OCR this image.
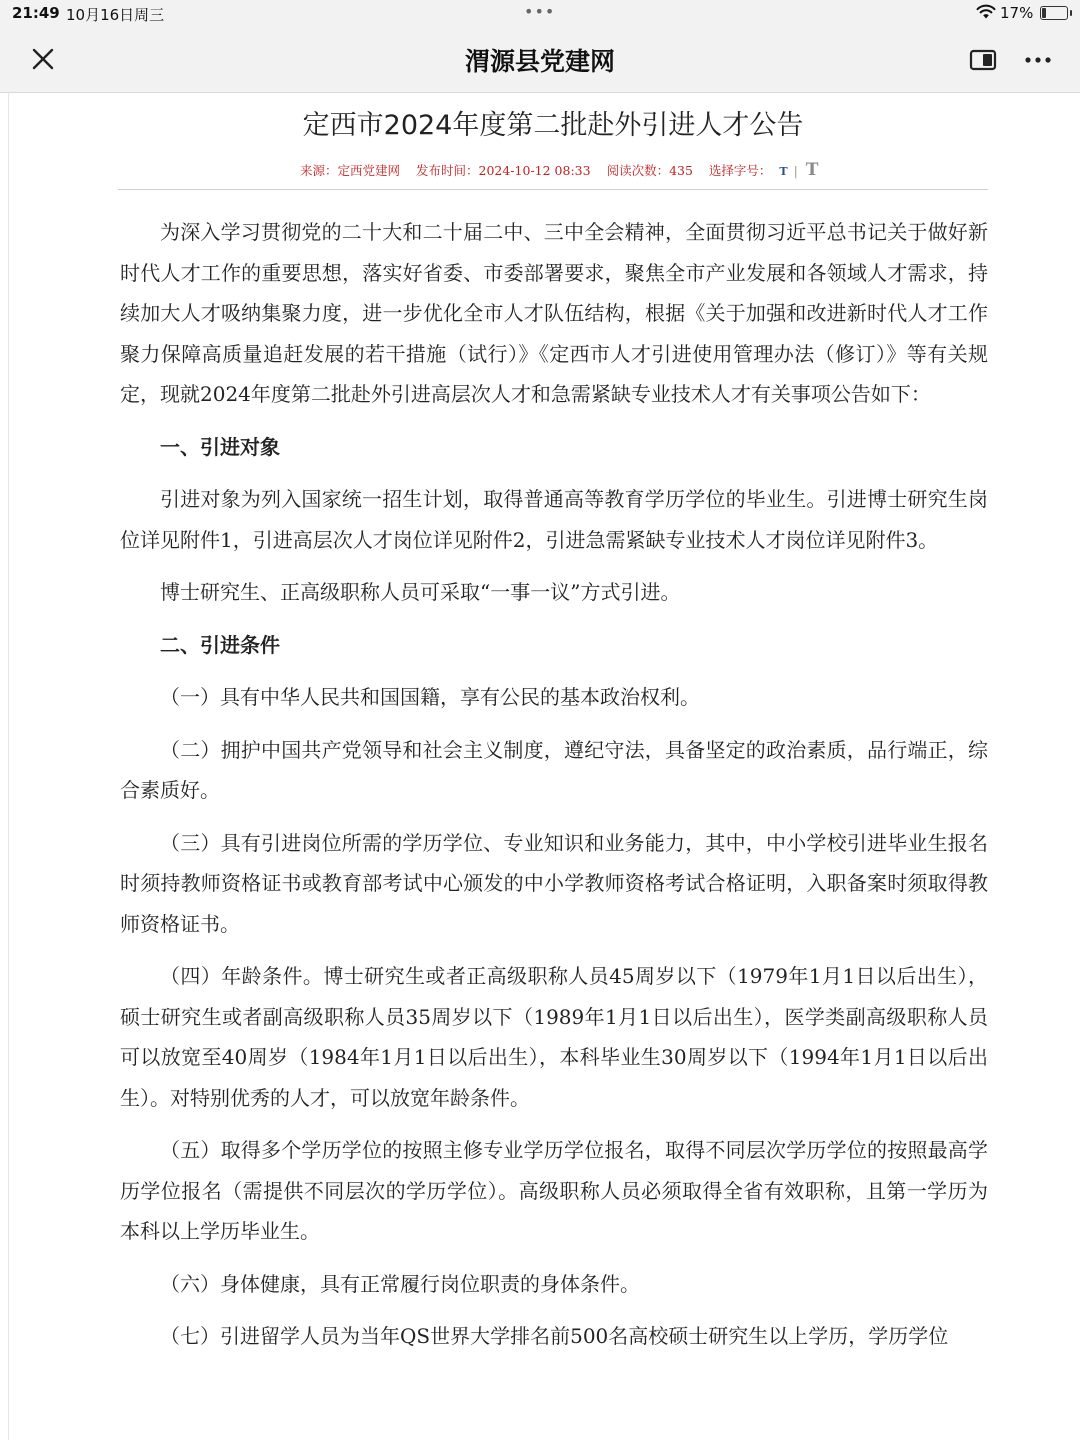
21:49 10月16日周三	•••	17%
渭源县党建网
定西市2024年度第二批赴外引进人才公告
来源：定西党建网 发布时间：2024-10-12 08:33 阅读次数：435 选择字号： T | T

为深入学习贯彻党的二十大和二十届二中、三中全会精神，全面贯彻习近平总书记关于做好新时代人才工作的重要思想，落实好省委、市委部署要求，聚焦全市产业发展和各领域人才需求，持续加大人才吸纳集聚力度，进一步优化全市人才队伍结构，根据《关于加强和改进新时代人才工作聚力保障高质量追赶发展的若干措施（试行）》《定西市人才引进使用管理办法（修订）》等有关规定，现就2024年度第二批赴外引进高层次人才和急需紧缺专业技术人才有关事项公告如下：

一、引进对象

引进对象为列入国家统一招生计划，取得普通高等教育学历学位的毕业生。引进博士研究生岗位详见附件1，引进高层次人才岗位详见附件2，引进急需紧缺专业技术人才岗位详见附件3。

博士研究生、正高级职称人员可采取“一事一议”方式引进。

二、引进条件

（一）具有中华人民共和国国籍，享有公民的基本政治权利。

（二）拥护中国共产党领导和社会主义制度，遵纪守法，具备坚定的政治素质，品行端正，综合素质好。

（三）具有引进岗位所需的学历学位、专业知识和业务能力，其中，中小学校引进毕业生报名时须持教师资格证书或教育部考试中心颁发的中小学教师资格考试合格证明，入职备案时须取得教师资格证书。

（四）年龄条件。博士研究生或者正高级职称人员45周岁以下（1979年1月1日以后出生），硕士研究生或者副高级职称人员35周岁以下（1989年1月1日以后出生），医学类副高级职称人员可以放宽至40周岁（1984年1月1日以后出生），本科毕业生30周岁以下（1994年1月1日以后出生）。对特别优秀的人才，可以放宽年龄条件。

（五）取得多个学历学位的按照主修专业学历学位报名，取得不同层次学历学位的按照最高学历学位报名（需提供不同层次的学历学位）。高级职称人员必须取得全省有效职称，且第一学历为本科以上学历毕业生。

（六）身体健康，具有正常履行岗位职责的身体条件。

（七）引进留学人员为当年QS世界大学排名前500名高校硕士研究生以上学历，学历学位
